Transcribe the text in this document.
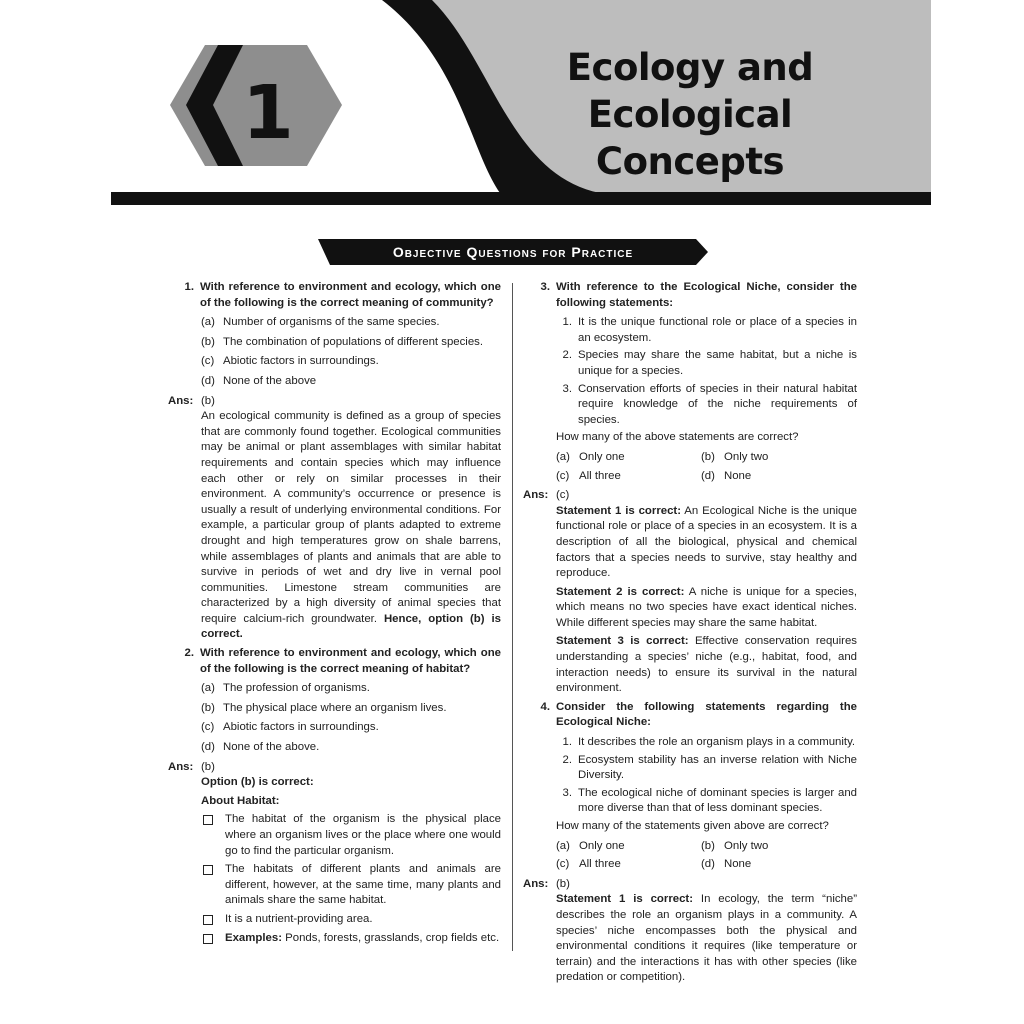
1
Ecology and
Ecological
Concepts
Objective Questions for Practice
1. With reference to environment and ecology, which one of the following is the correct meaning of community?
(a) Number of organisms of the same species.
(b) The combination of populations of different species.
(c) Abiotic factors in surroundings.
(d) None of the above
Ans: (b)
An ecological community is defined as a group of species that are commonly found together. Ecological communities may be animal or plant assemblages with similar habitat requirements and contain species which may influence each other or rely on similar processes in their environment. A community’s occurrence or presence is usually a result of underlying environmental conditions. For example, a particular group of plants adapted to extreme drought and high temperatures grow on shale barrens, while assemblages of plants and animals that are able to survive in periods of wet and dry live in vernal pool communities. Limestone stream communities are characterized by a high diversity of animal species that require calcium-rich groundwater. Hence, option (b) is correct.
2. With reference to environment and ecology, which one of the following is the correct meaning of habitat?
(a) The profession of organisms.
(b) The physical place where an organism lives.
(c) Abiotic factors in surroundings.
(d) None of the above.
Ans: (b)
Option (b) is correct:
About Habitat:
The habitat of the organism is the physical place where an organism lives or the place where one would go to find the particular organism.
The habitats of different plants and animals are different, however, at the same time, many plants and animals share the same habitat.
It is a nutrient-providing area.
Examples: Ponds, forests, grasslands, crop fields etc.
3. With reference to the Ecological Niche, consider the following statements:
1. It is the unique functional role or place of a species in an ecosystem.
2. Species may share the same habitat, but a niche is unique for a species.
3. Conservation efforts of species in their natural habitat require knowledge of the niche requirements of species.
How many of the above statements are correct?
(a) Only one	(b) Only two
(c) All three	(d) None
Ans: (c)
Statement 1 is correct: An Ecological Niche is the unique functional role or place of a species in an ecosystem. It is a description of all the biological, physical and chemical factors that a species needs to survive, stay healthy and reproduce.
Statement 2 is correct: A niche is unique for a species, which means no two species have exact identical niches. While different species may share the same habitat.
Statement 3 is correct: Effective conservation requires understanding a species’ niche (e.g., habitat, food, and interaction needs) to ensure its survival in the natural environment.
4. Consider the following statements regarding the Ecological Niche:
1. It describes the role an organism plays in a community.
2. Ecosystem stability has an inverse relation with Niche Diversity.
3. The ecological niche of dominant species is larger and more diverse than that of less dominant species.
How many of the statements given above are correct?
(a) Only one	(b) Only two
(c) All three	(d) None
Ans: (b)
Statement 1 is correct: In ecology, the term “niche” describes the role an organism plays in a community. A species’ niche encompasses both the physical and environmental conditions it requires (like temperature or terrain) and the interactions it has with other species (like predation or competition).
